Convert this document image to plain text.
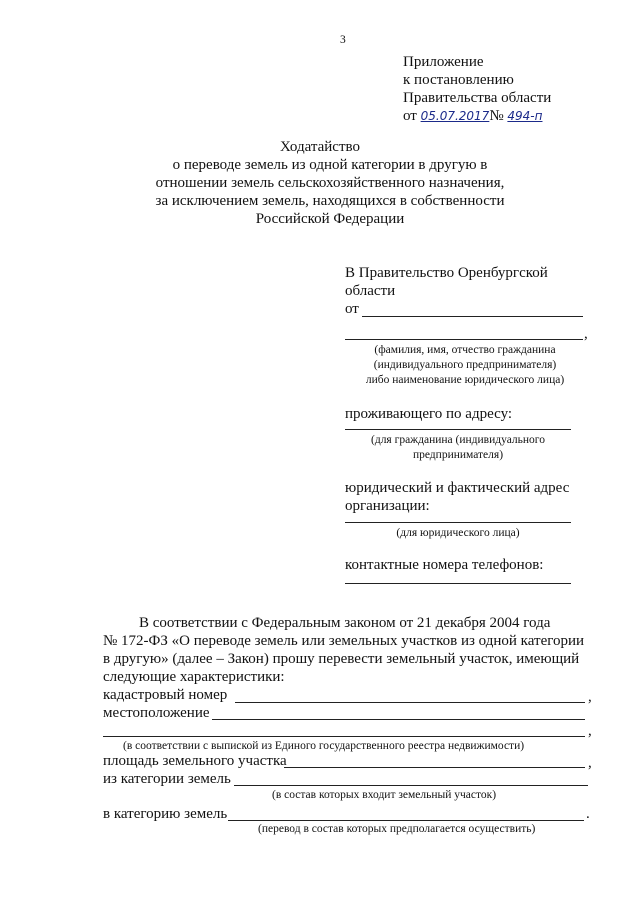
3
Приложение
к постановлению
Правительства области
от 05.07.2017№ 494-п
Ходатайство
о переводе земель из одной категории в другую в
отношении земель сельскохозяйственного назначения,
за исключением земель, находящихся в собственности
Российской Федерации
В Правительство Оренбургской
области
от
,
(фамилия, имя, отчество гражданина
(индивидуального предпринимателя)
либо наименование юридического лица)
проживающего по адресу:
(для гражданина (индивидуального
предпринимателя)
юридический и фактический адрес
организации:
(для юридического лица)
контактные номера телефонов:
В соответствии с Федеральным законом от 21 декабря 2004 года
№ 172-ФЗ «О переводе земель или земельных участков из одной категории
в другую» (далее – Закон) прошу перевести земельный участок, имеющий
следующие характеристики:
кадастровый номер	,
местоположение
,
(в соответствии с выпиской из Единого государственного реестра недвижимости)
площадь земельного участка	,
из категории земель
(в состав которых входит земельный участок)
в категорию земель	.
(перевод в состав которых предполагается осуществить)
